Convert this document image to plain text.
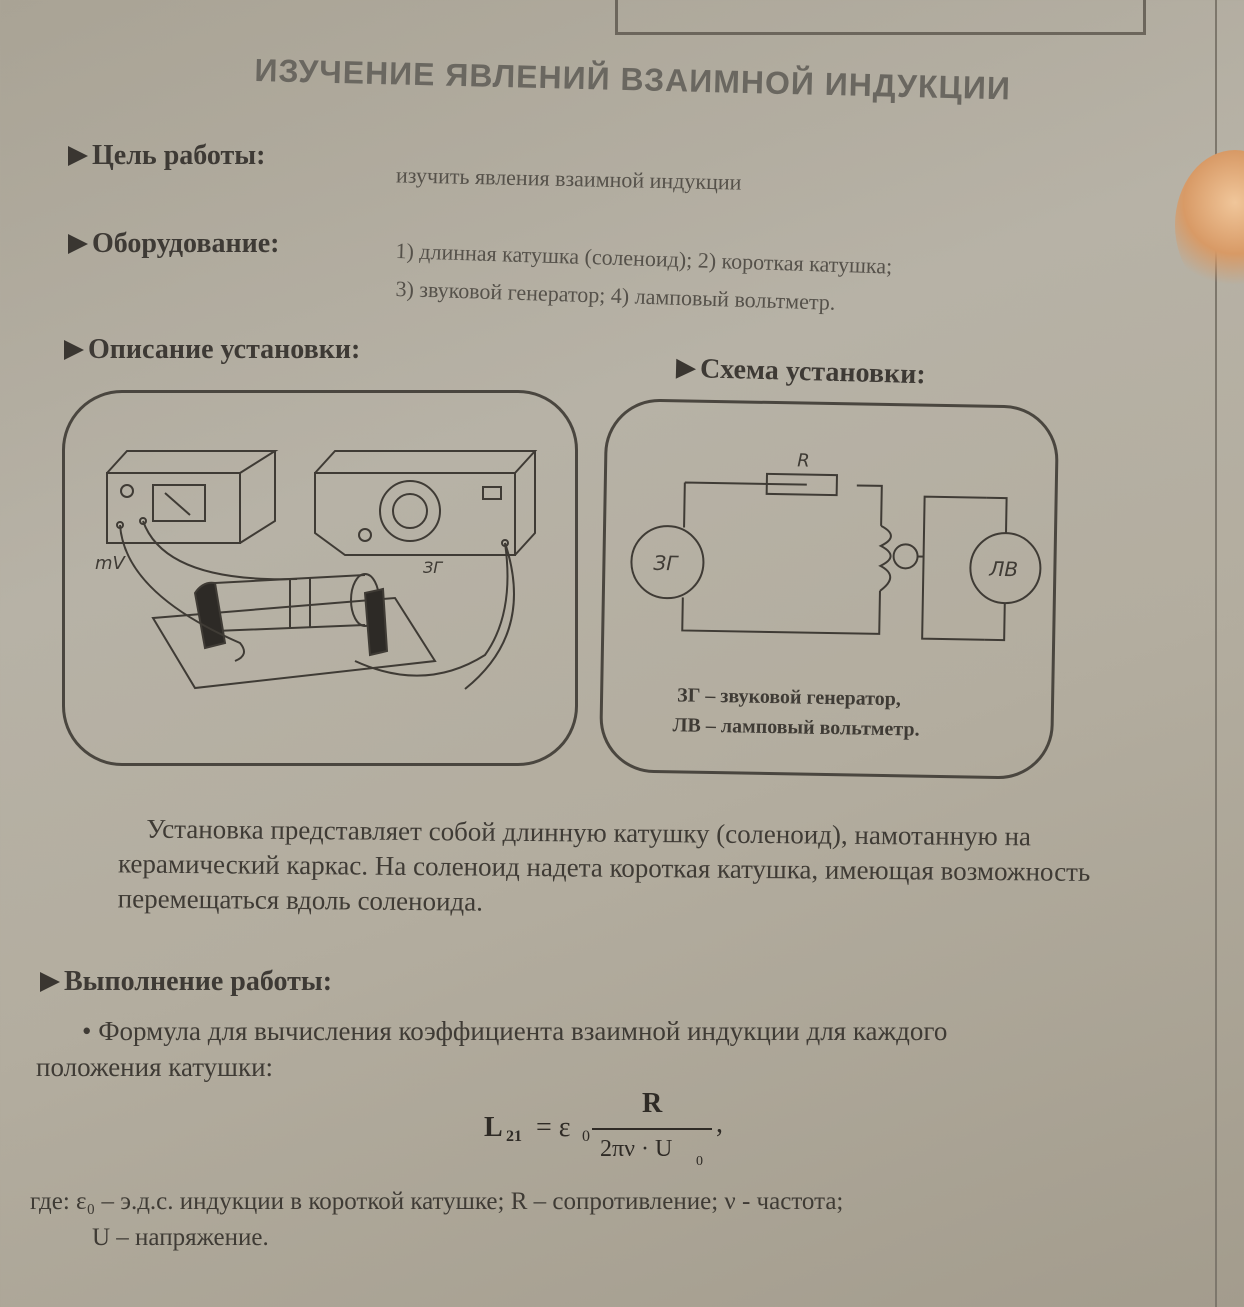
ИЗУЧЕНИЕ ЯВЛЕНИЙ ВЗАИМНОЙ ИНДУКЦИИ
Цель работы:
изучить явления взаимной индукции
Оборудование:	1) длинная катушка (соленоид); 2) короткая катушка;
3) звуковой генератор; 4) ламповый вольтметр.
Описание установки:
Схема установки:
mV	ЗГ
R
ЗГ	ЛВ
ЗГ – звуковой генератор,
ЛВ – ламповый вольтметр.
Установка представляет собой длинную катушку (соленоид), намотанную на керамический каркас. На соленоид надета короткая катушка, имеющая возможность перемещаться вдоль соленоида.
Выполнение работы:
• Формула для вычисления коэффициента взаимной индукции для каждого
положения катушки:
L 21 = ε 0
R
2πν · U 0
,
где: ε₀ – э.д.с. индукции в короткой катушке; R – сопротивление; ν - частота;
U – напряжение.
